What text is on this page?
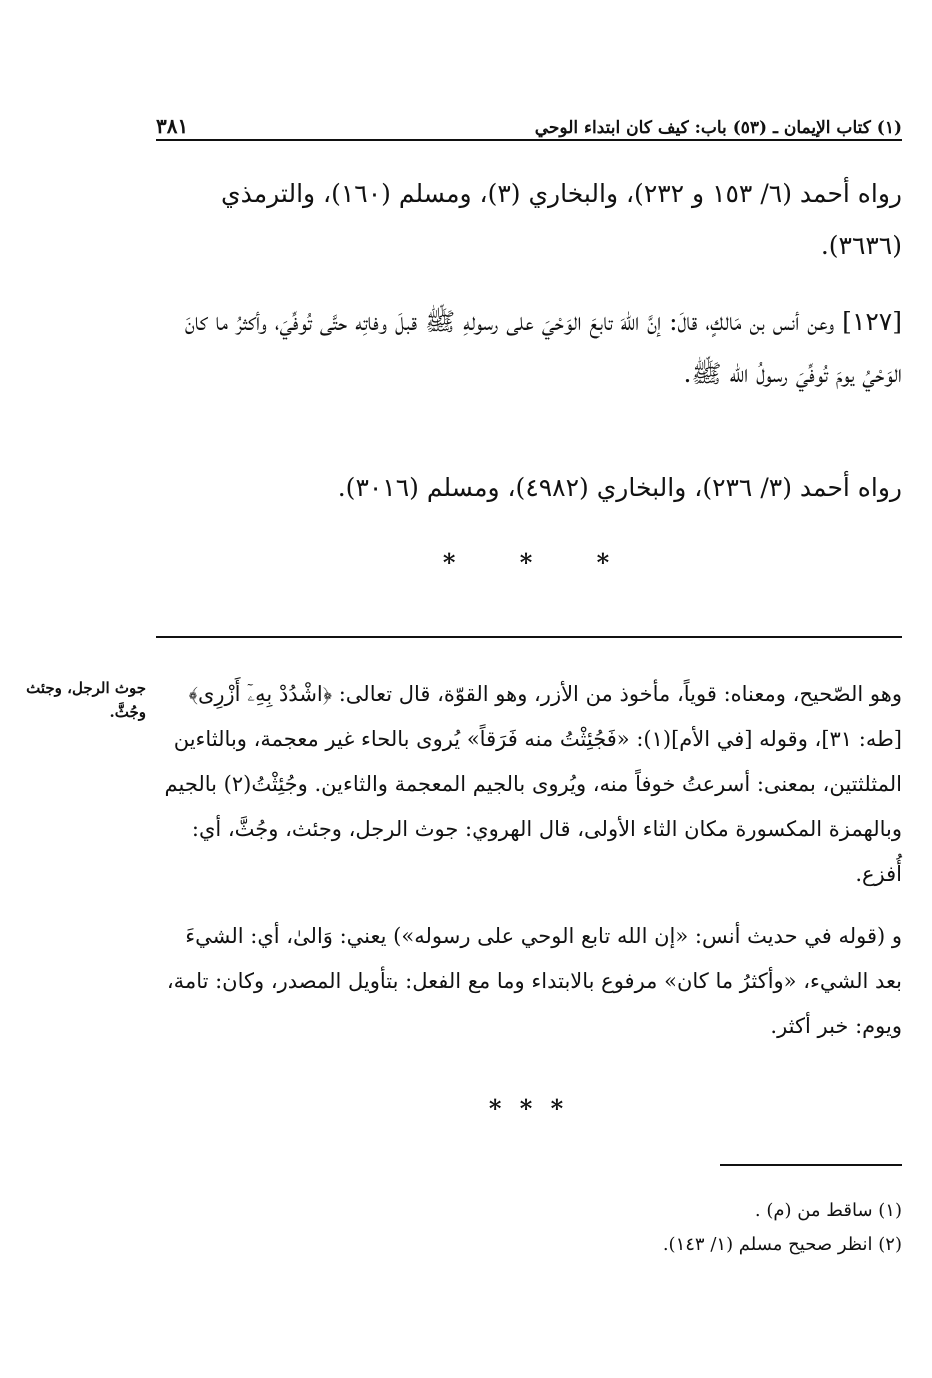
٣٨١	(١) كتاب الإيمان ـ (٥٣) باب: كيف كان ابتداء الوحي
رواه أحمد (٦/ ١٥٣ و ٢٣٢)، والبخاري (٣)، ومسلم (١٦٠)، والترمذي (٣٦٣٦).
[١٢٧] وعن أنس بن مَالكٍ، قالَ: إنَّ اللهَ تابعَ الوَحْيَ على رسولهِ ﷺ قبلَ وفاتِه حتَّى تُوفِّيَ، وأكثرُ ما كانَ الوَحْيُ يومَ تُوفِّيَ رسولُ الله ﷺ.
رواه أحمد (٣/ ٢٣٦)، والبخاري (٤٩٨٢)، ومسلم (٣٠١٦).
* * *
جوث الرجل، وجئث وجُثَّ.
وهو الصّحيح، ومعناه: قوياً، مأخوذ من الأزر، وهو القوّة، قال تعالى: ﴿اشْدُدْ بِهِۦٓ أَزْرِى﴾ [طه: ٣١]، وقوله [في الأم](١): «فَجُئِثْتُ منه فَرَقاً» يُروى بالحاء غير معجمة، وبالثاءين المثلثتين، بمعنى: أسرعتُ خوفاً منه، ويُروى بالجيم المعجمة والثاءين. وجُئِثْتُ(٢) بالجيم وبالهمزة المكسورة مكان الثاء الأولى، قال الهروي: جوث الرجل، وجئث، وجُثَّ، أي: أُفزع.
و (قوله في حديث أنس: «إن الله تابع الوحي على رسوله») يعني: وَالىٰ، أي: الشيءَ بعد الشيء، «وأكثرُ ما كان» مرفوع بالابتداء وما مع الفعل: بتأويل المصدر، وكان: تامة، ويوم: خبر أكثر.
* * *
(١) ساقط من (م) .
(٢) انظر صحيح مسلم (١/ ١٤٣).
